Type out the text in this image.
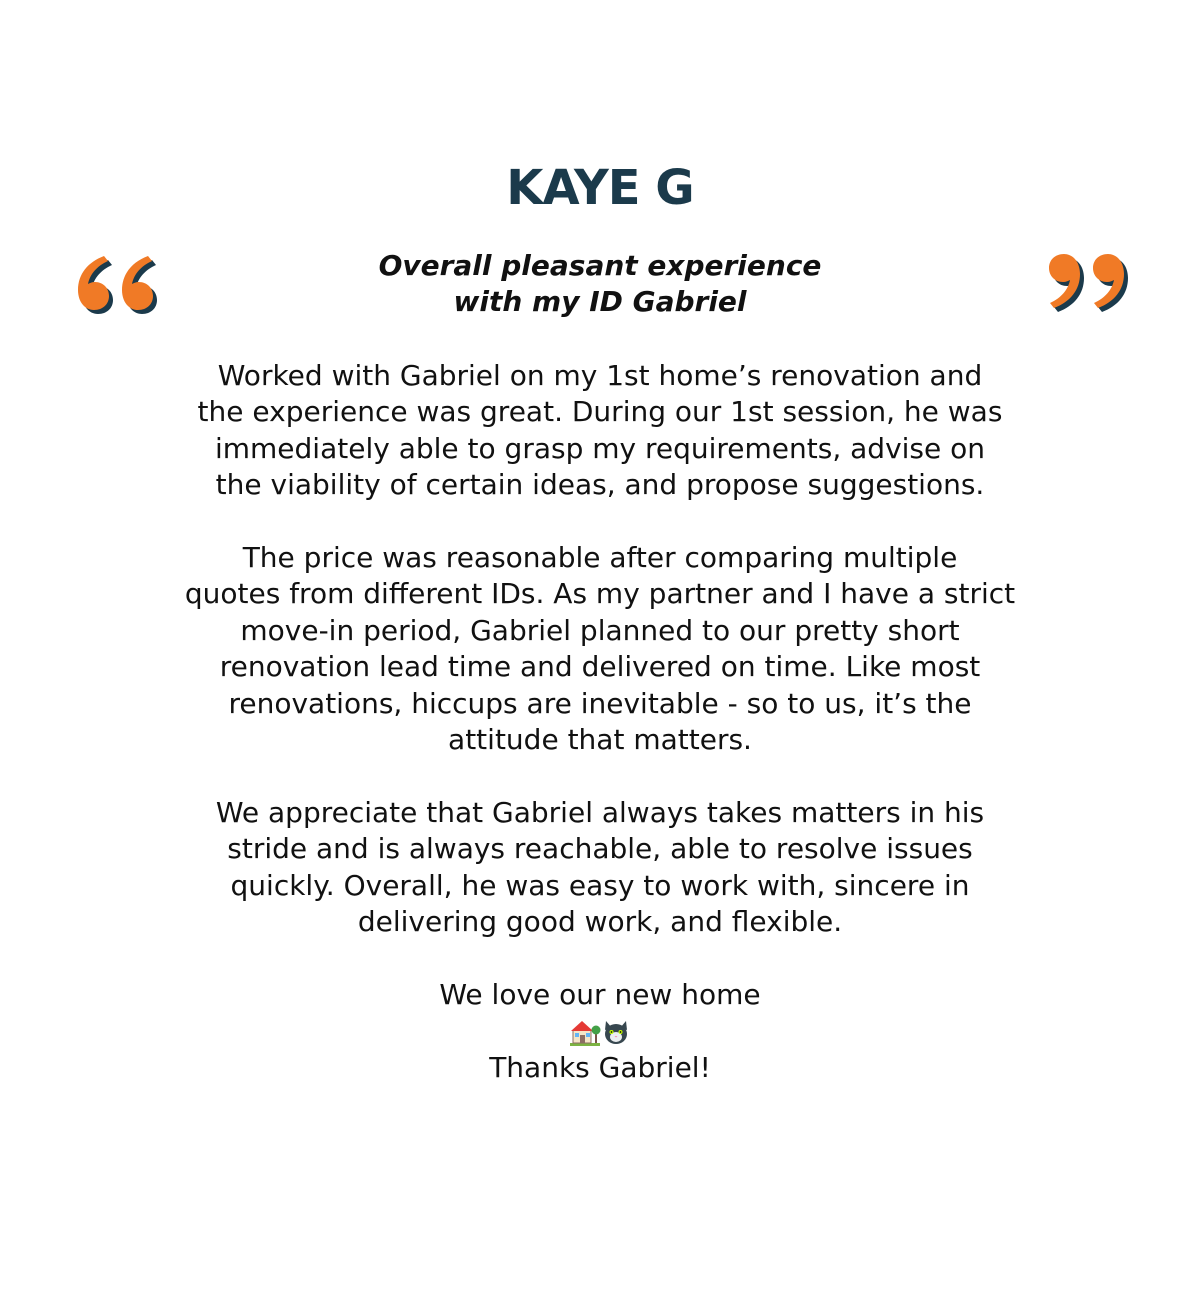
KAYE G
Overall pleasant experience
with my ID Gabriel

Worked with Gabriel on my 1st home’s renovation and
the experience was great. During our 1st session, he was
immediately able to grasp my requirements, advise on
the viability of certain ideas, and propose suggestions.

The price was reasonable after comparing multiple
quotes from different IDs. As my partner and I have a strict
move-in period, Gabriel planned to our pretty short
renovation lead time and delivered on time. Like most
renovations, hiccups are inevitable - so to us, it’s the
attitude that matters.

We appreciate that Gabriel always takes matters in his
stride and is always reachable, able to resolve issues
quickly. Overall, he was easy to work with, sincere in
delivering good work, and flexible.

We love our new home
Thanks Gabriel!
